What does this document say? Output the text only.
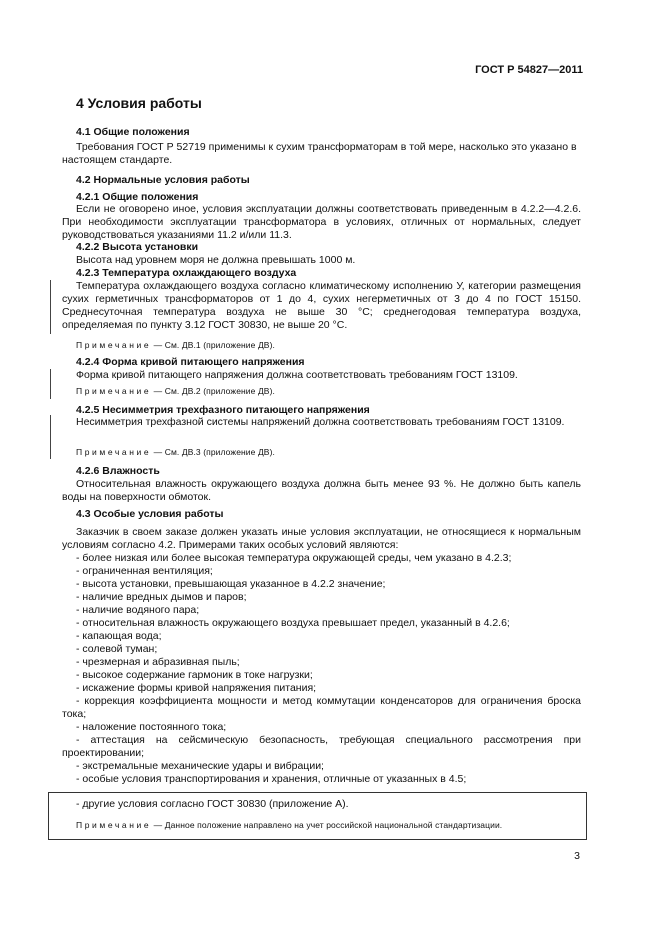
ГОСТ Р 54827—2011
4 Условия работы
4.1 Общие положения
Требования ГОСТ Р 52719 применимы к сухим трансформаторам в той мере, насколько это указано в настоящем стандарте.
4.2 Нормальные условия работы
4.2.1 Общие положения
Если не оговорено иное, условия эксплуатации должны соответствовать приведенным в 4.2.2—4.2.6. При необходимости эксплуатации трансформатора в условиях, отличных от нормальных, следует руководствоваться указаниями 11.2 и/или 11.3.
4.2.2 Высота установки
Высота над уровнем моря не должна превышать 1000 м.
4.2.3 Температура охлаждающего воздуха
Температура охлаждающего воздуха согласно климатическому исполнению У, категории размещения сухих герметичных трансформаторов от 1 до 4, сухих негерметичных от 3 до 4 по ГОСТ 15150. Среднесуточная температура воздуха не выше 30 °С; среднегодовая температура воздуха, определяемая по пункту 3.12 ГОСТ 30830, не выше 20 °С.
Примечание — См. ДВ.1 (приложение ДВ).
4.2.4 Форма кривой питающего напряжения
Форма кривой питающего напряжения должна соответствовать требованиям ГОСТ 13109.
Примечание — См. ДВ.2 (приложение ДВ).
4.2.5 Несимметрия трехфазного питающего напряжения
Несимметрия трехфазной системы напряжений должна соответствовать требованиям ГОСТ 13109.
Примечание — См. ДВ.3 (приложение ДВ).
4.2.6 Влажность
Относительная влажность окружающего воздуха должна быть менее 93 %. Не должно быть капель воды на поверхности обмоток.
4.3 Особые условия работы
Заказчик в своем заказе должен указать иные условия эксплуатации, не относящиеся к нормальным условиям согласно 4.2. Примерами таких особых условий являются:
- более низкая или более высокая температура окружающей среды, чем указано в 4.2.3;
- ограниченная вентиляция;
- высота установки, превышающая указанное в 4.2.2 значение;
- наличие вредных дымов и паров;
- наличие водяного пара;
- относительная влажность окружающего воздуха превышает предел, указанный в 4.2.6;
- капающая вода;
- солевой туман;
- чрезмерная и абразивная пыль;
- высокое содержание гармоник в токе нагрузки;
- искажение формы кривой напряжения питания;
- коррекция коэффициента мощности и метод коммутации конденсаторов для ограничения броска тока;
- наложение постоянного тока;
- аттестация на сейсмическую безопасность, требующая специального рассмотрения при проектировании;
- экстремальные механические удары и вибрации;
- особые условия транспортирования и хранения, отличные от указанных в 4.5;
- другие условия согласно ГОСТ 30830 (приложение А).
Примечание — Данное положение направлено на учет российской национальной стандартизации.
3
